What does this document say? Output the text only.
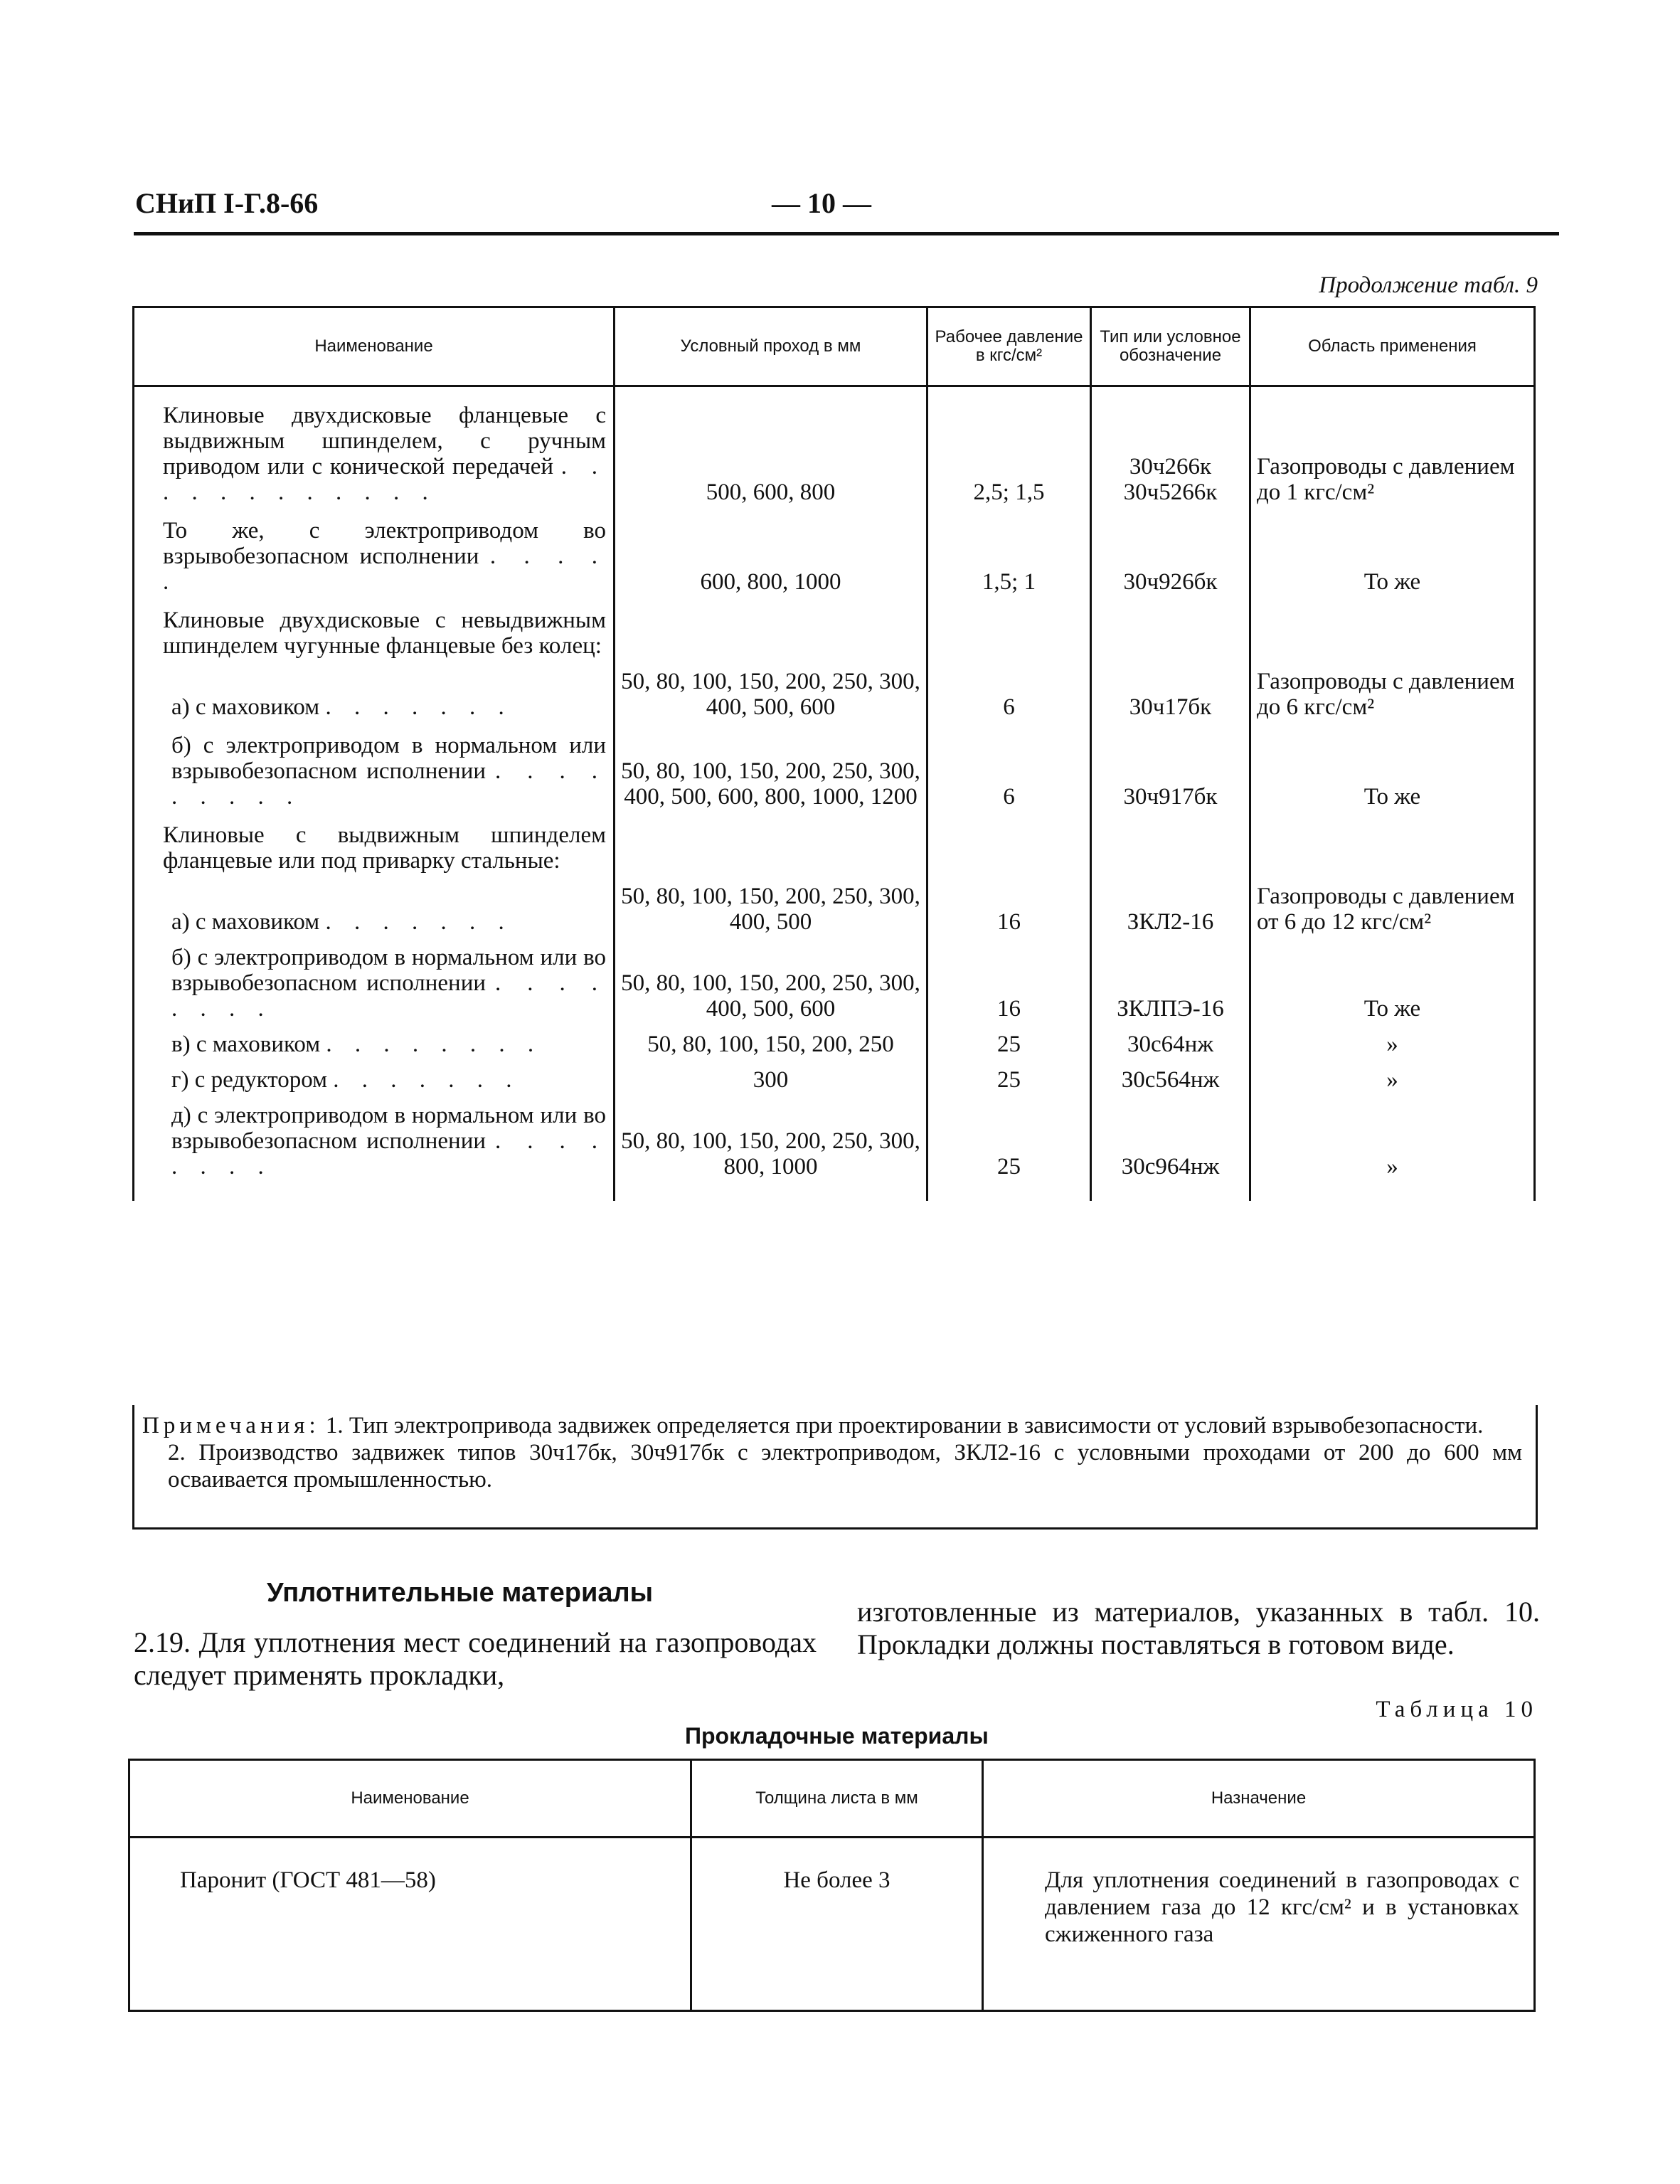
СНиП I-Г.8-66	— 10 —
Продолжение табл. 9
Наименование	Условный проход в мм	Рабочее давление в кгс/см²	Тип или условное обозначение	Область применения
Клиновые двухдисковые фланцевые с выдвижным шпинделем, с ручным приводом или с конической передачей . . . . . . . . . . . .	500, 600, 800	2,5; 1,5	30ч266к 30ч5266к	Газопроводы с давлением до 1 кгс/см²
То же, с электроприводом во взрывобезопасном исполнении . . . . .	600, 800, 1000	1,5; 1	30ч926бк	То же
Клиновые двухдисковые с невыдвижным шпинделем чугунные фланцевые без колец:				
а) с маховиком . . . . . . .	50, 80, 100, 150, 200, 250, 300, 400, 500, 600	6	30ч17бк	Газопроводы с давлением до 6 кгс/см²
б) с электроприводом в нормальном или взрывобезопасном исполнении . . . . . . . . .	50, 80, 100, 150, 200, 250, 300, 400, 500, 600, 800, 1000, 1200	6	30ч917бк	То же
Клиновые с выдвижным шпинделем фланцевые или под приварку стальные:				
а) с маховиком . . . . . . .	50, 80, 100, 150, 200, 250, 300, 400, 500	16	ЗКЛ2-16	Газопроводы с давлением от 6 до 12 кгс/см²
б) с электроприводом в нормальном или во взрывобезопасном исполнении . . . . . . . .	50, 80, 100, 150, 200, 250, 300, 400, 500, 600	16	ЗКЛПЭ-16	То же
в) с маховиком . . . . . . . .	50, 80, 100, 150, 200, 250	25	30с64нж	»
г) с редуктором . . . . . . .	300	25	30с564нж	»
д) с электроприводом в нормальном или во взрывобезопасном исполнении . . . . . . . .	50, 80, 100, 150, 200, 250, 300, 800, 1000	25	30с964нж	»

Примечания: 1. Тип электропривода задвижек определяется при проектировании в зависимости от условий взрывобезопасности.

2. Производство задвижек типов 30ч17бк, 30ч917бк с электроприводом, ЗКЛ2-16 с условными проходами от 200 до 600 мм осваивается промышленностью.

Уплотнительные материалы
2.19. Для уплотнения мест соединений на газопроводах следует применять прокладки,
изготовленные из материалов, указанных в табл. 10. Прокладки должны поставляться в готовом виде.
Таблица 10
Прокладочные материалы
Наименование	Толщина листа в мм	Назначение
Паронит (ГОСТ 481—58)	Не более 3	Для уплотнения соединений в газопроводах с давлением газа до 12 кгс/см² и в установках сжиженного газа
